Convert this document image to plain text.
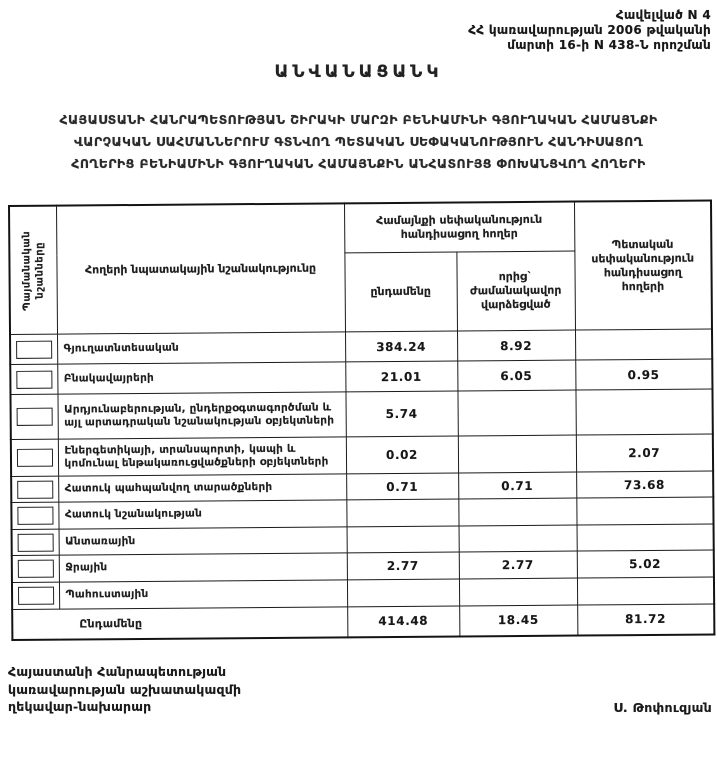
Հավելված N 4
ՀՀ կառավարության 2006 թվականի
մարտի 16-ի N 438-Ն որոշման
ԱՆՎԱՆԱՑԱՆԿ
ՀԱՅԱՍՏԱՆԻ ՀԱՆՐԱՊԵՏՈՒԹՅԱՆ ՇԻՐԱԿԻ ՄԱՐԶԻ ԲԵՆԻԱՄԻՆԻ ԳՅՈՒՂԱԿԱՆ ՀԱՄԱՅՆՔԻ
ՎԱՐՉԱԿԱՆ ՍԱՀՄԱՆՆԵՐՈՒՄ ԳՏՆՎՈՂ ՊԵՏԱԿԱՆ ՍԵՓԱԿԱՆՈՒԹՅՈՒՆ ՀԱՆԴԻՍԱՑՈՂ
ՀՈՂԵՐԻՑ ԲԵՆԻԱՄԻՆԻ ԳՅՈՒՂԱԿԱՆ ՀԱՄԱՅՆՔԻՆ ԱՆՀԱՏՈՒՅՑ ՓՈԽԱՆՑՎՈՂ ՀՈՂԵՐԻ
Պայմանական նշանները	Հողերի նպատակային նշանակությունը	Համայնքի սեփականություն հանդիսացող հողեր		Պետական սեփականություն հանդիսացող հողերի
		ընդամենը	որից` ժամանակավոր վարձեցված	

	Գյուղատնտեսական	384.24	8.92	

	Բնակավայրերի	21.01	6.05	0.95

	Արդյունաբերության, ընդերքօգտագործման և այլ արտադրական նշանակության օբյեկտների	5.74		

	Էներգետիկայի, տրանսպորտի, կապի և կոմունալ ենթակառուցվածքների օբյեկտների	0.02		2.07

	Հատուկ պահպանվող տարածքների	0.71	0.71	73.68

	Հատուկ նշանակության			

	Անտառային			

	Ջրային	2.77	2.77	5.02

	Պահուստային			
Ընդամենը		414.48	18.45	81.72
Հայաստանի Հանրապետության
կառավարության աշխատակազմի
ղեկավար-նախարար	Ս. Թոփուզյան
